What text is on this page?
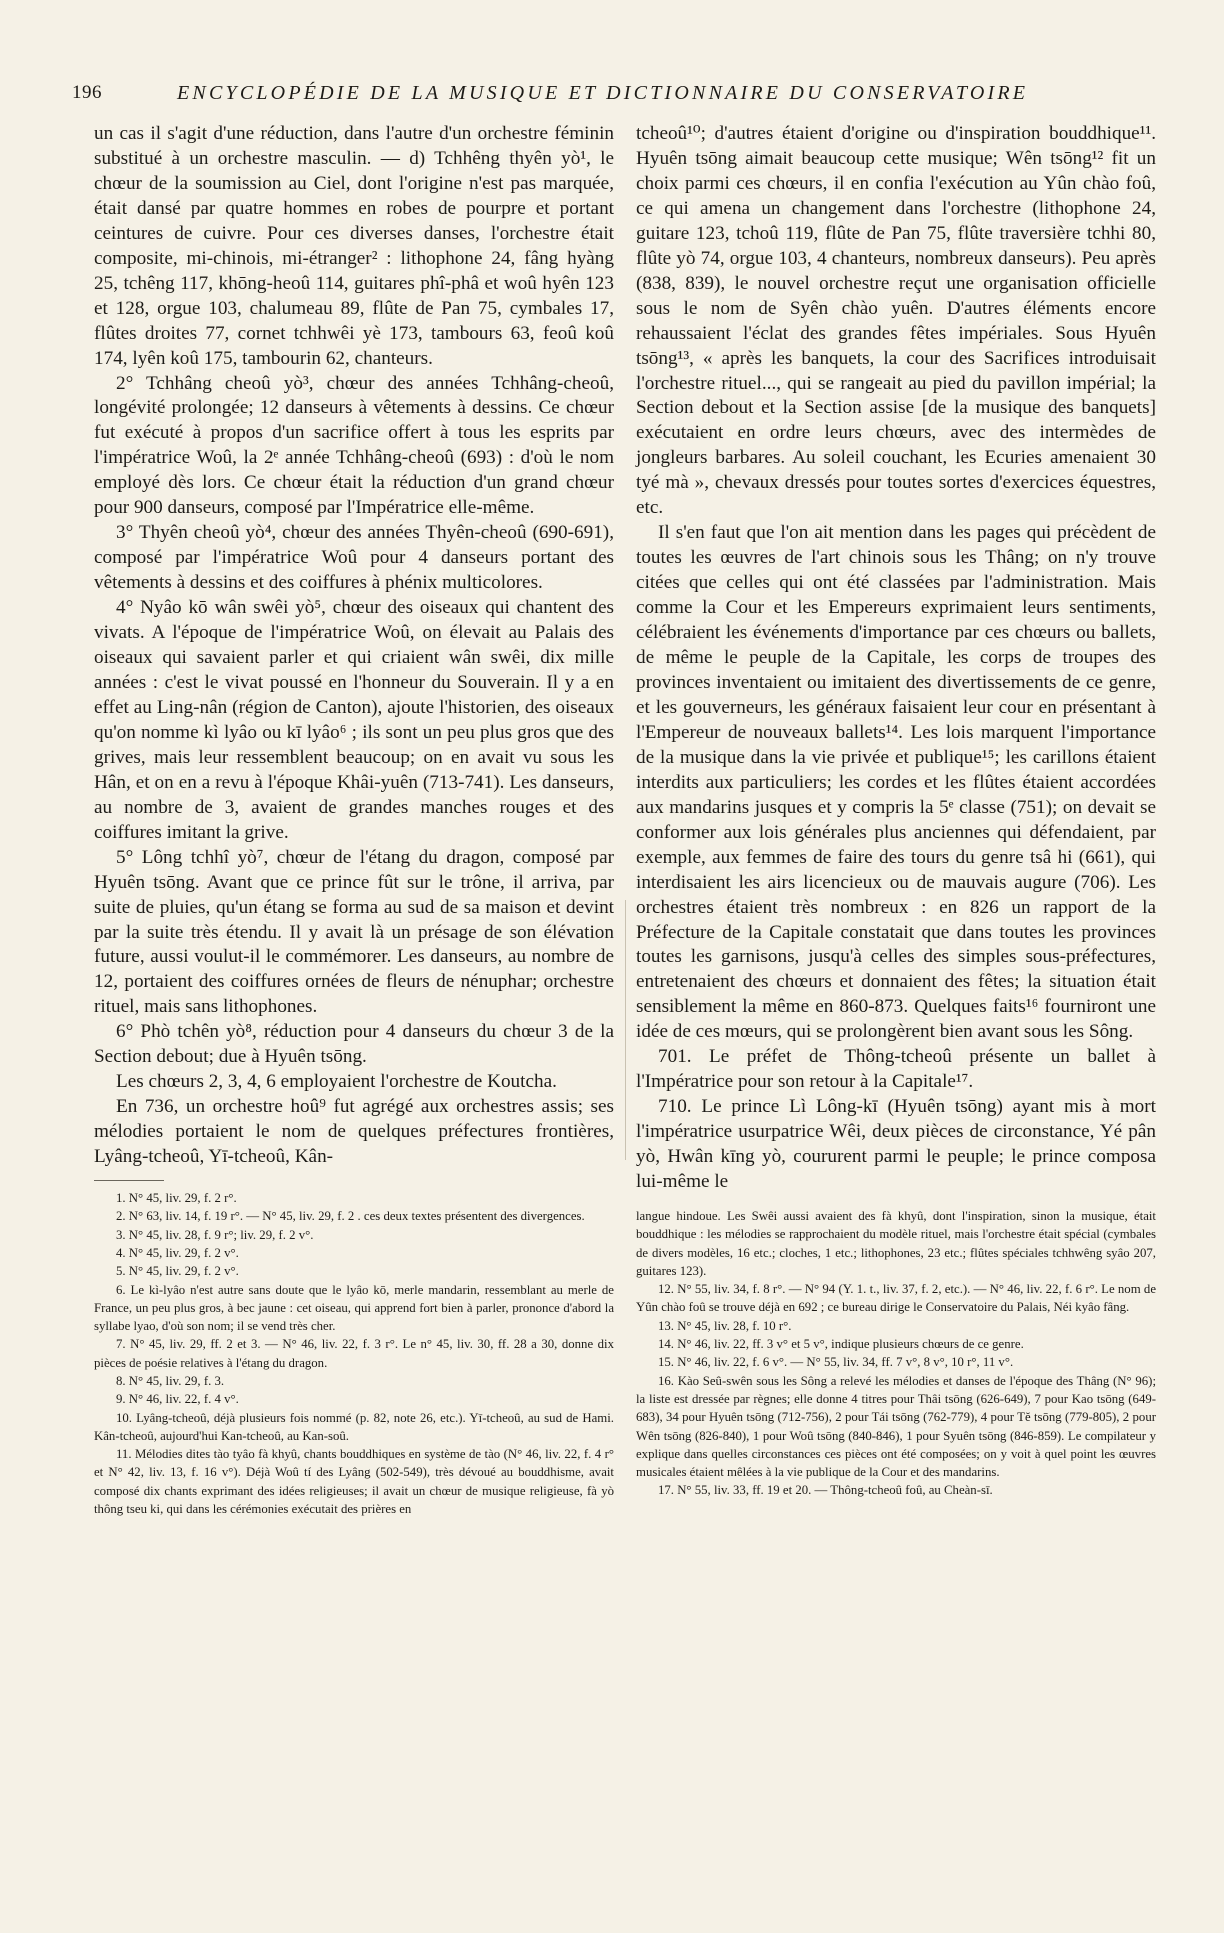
196	ENCYCLOPÉDIE DE LA MUSIQUE ET DICTIONNAIRE DU CONSERVATOIRE

un cas il s'agit d'une réduction, dans l'autre d'un orchestre féminin substitué à un orchestre masculin. — d) Tchhêng thyên yò¹, le chœur de la soumission au Ciel, dont l'origine n'est pas marquée, était dansé par quatre hommes en robes de pourpre et portant ceintures de cuivre. Pour ces diverses danses, l'orchestre était composite, mi-chinois, mi-étranger² : lithophone 24, fâng hyàng 25, tchêng 117, khōng-heoû 114, guitares phî-phâ et woû hyên 123 et 128, orgue 103, chalumeau 89, flûte de Pan 75, cymbales 17, flûtes droites 77, cornet tchhwêi yè 173, tambours 63, feoû koû 174, lyên koû 175, tambourin 62, chanteurs.

2° Tchhâng cheoû yò³, chœur des années Tchhâng-cheoû, longévité prolongée; 12 danseurs à vêtements à dessins. Ce chœur fut exécuté à propos d'un sacrifice offert à tous les esprits par l'impératrice Woû, la 2ᵉ année Tchhâng-cheoû (693) : d'où le nom employé dès lors. Ce chœur était la réduction d'un grand chœur pour 900 danseurs, composé par l'Impératrice elle-même.

3° Thyên cheoû yò⁴, chœur des années Thyên-cheoû (690-691), composé par l'impératrice Woû pour 4 danseurs portant des vêtements à dessins et des coiffures à phénix multicolores.

4° Nyâo kō wân swêi yò⁵, chœur des oiseaux qui chantent des vivats. A l'époque de l'impératrice Woû, on élevait au Palais des oiseaux qui savaient parler et qui criaient wân swêi, dix mille années : c'est le vivat poussé en l'honneur du Souverain. Il y a en effet au Ling-nân (région de Canton), ajoute l'historien, des oiseaux qu'on nomme kì lyâo ou kī lyâo⁶ ; ils sont un peu plus gros que des grives, mais leur ressemblent beaucoup; on en avait vu sous les Hân, et on en a revu à l'époque Khâi-yuên (713-741). Les danseurs, au nombre de 3, avaient de grandes manches rouges et des coiffures imitant la grive.

5° Lông tchhî yò⁷, chœur de l'étang du dragon, composé par Hyuên tsōng. Avant que ce prince fût sur le trône, il arriva, par suite de pluies, qu'un étang se forma au sud de sa maison et devint par la suite très étendu. Il y avait là un présage de son élévation future, aussi voulut-il le commémorer. Les danseurs, au nombre de 12, portaient des coiffures ornées de fleurs de nénuphar; orchestre rituel, mais sans lithophones.

6° Phò tchên yò⁸, réduction pour 4 danseurs du chœur 3 de la Section debout; due à Hyuên tsōng.

Les chœurs 2, 3, 4, 6 employaient l'orchestre de Koutcha.

En 736, un orchestre hoû⁹ fut agrégé aux orchestres assis; ses mélodies portaient le nom de quelques préfectures frontières, Lyâng-tcheoû, Yī-tcheoû, Kân-

1. N° 45, liv. 29, f. 2 r°.

2. N° 63, liv. 14, f. 19 r°. — N° 45, liv. 29, f. 2 . ces deux textes présentent des divergences.

3. N° 45, liv. 28, f. 9 r°; liv. 29, f. 2 v°.

4. N° 45, liv. 29, f. 2 v°.

5. N° 45, liv. 29, f. 2 v°.

6. Le kì-lyâo n'est autre sans doute que le lyâo kō, merle mandarin, ressemblant au merle de France, un peu plus gros, à bec jaune : cet oiseau, qui apprend fort bien à parler, prononce d'abord la syllabe lyao, d'où son nom; il se vend très cher.

7. N° 45, liv. 29, ff. 2 et 3. — N° 46, liv. 22, f. 3 r°. Le n° 45, liv. 30, ff. 28 a 30, donne dix pièces de poésie relatives à l'étang du dragon.

8. N° 45, liv. 29, f. 3.

9. N° 46, liv. 22, f. 4 v°.

10. Lyâng-tcheoû, déjà plusieurs fois nommé (p. 82, note 26, etc.). Yī-tcheoû, au sud de Hami. Kân-tcheoû, aujourd'hui Kan-tcheoû, au Kan-soû.

11. Mélodies dites tào tyâo fà khyû, chants bouddhiques en système de tào (N° 46, liv. 22, f. 4 r° et N° 42, liv. 13, f. 16 v°). Déjà Woû tí des Lyâng (502-549), très dévoué au bouddhisme, avait composé dix chants exprimant des idées religieuses; il avait un chœur de musique religieuse, fà yò thông tseu ki, qui dans les cérémonies exécutait des prières en

tcheoû¹⁰; d'autres étaient d'origine ou d'inspiration bouddhique¹¹. Hyuên tsōng aimait beaucoup cette musique; Wên tsōng¹² fit un choix parmi ces chœurs, il en confia l'exécution au Yûn chào foû, ce qui amena un changement dans l'orchestre (lithophone 24, guitare 123, tchoû 119, flûte de Pan 75, flûte traversière tchhi 80, flûte yò 74, orgue 103, 4 chanteurs, nombreux danseurs). Peu après (838, 839), le nouvel orchestre reçut une organisation officielle sous le nom de Syên chào yuên. D'autres éléments encore rehaussaient l'éclat des grandes fêtes impériales. Sous Hyuên tsōng¹³, « après les banquets, la cour des Sacrifices introduisait l'orchestre rituel..., qui se rangeait au pied du pavillon impérial; la Section debout et la Section assise [de la musique des banquets] exécutaient en ordre leurs chœurs, avec des intermèdes de jongleurs barbares. Au soleil couchant, les Ecuries amenaient 30 tyé mà », chevaux dressés pour toutes sortes d'exercices équestres, etc.

Il s'en faut que l'on ait mention dans les pages qui précèdent de toutes les œuvres de l'art chinois sous les Thâng; on n'y trouve citées que celles qui ont été classées par l'administration. Mais comme la Cour et les Empereurs exprimaient leurs sentiments, célébraient les événements d'importance par ces chœurs ou ballets, de même le peuple de la Capitale, les corps de troupes des provinces inventaient ou imitaient des divertissements de ce genre, et les gouverneurs, les généraux faisaient leur cour en présentant à l'Empereur de nouveaux ballets¹⁴. Les lois marquent l'importance de la musique dans la vie privée et publique¹⁵; les carillons étaient interdits aux particuliers; les cordes et les flûtes étaient accordées aux mandarins jusques et y compris la 5ᵉ classe (751); on devait se conformer aux lois générales plus anciennes qui défendaient, par exemple, aux femmes de faire des tours du genre tsâ hi (661), qui interdisaient les airs licencieux ou de mauvais augure (706). Les orchestres étaient très nombreux : en 826 un rapport de la Préfecture de la Capitale constatait que dans toutes les provinces toutes les garnisons, jusqu'à celles des simples sous-préfectures, entretenaient des chœurs et donnaient des fêtes; la situation était sensiblement la même en 860-873. Quelques faits¹⁶ fourniront une idée de ces mœurs, qui se prolongèrent bien avant sous les Sông.

701. Le préfet de Thông-tcheoû présente un ballet à l'Impératrice pour son retour à la Capitale¹⁷.

710. Le prince Lì Lông-kī (Hyuên tsōng) ayant mis à mort l'impératrice usurpatrice Wêi, deux pièces de circonstance, Yé pân yò, Hwân kīng yò, coururent parmi le peuple; le prince composa lui-même le

langue hindoue. Les Swêi aussi avaient des fà khyû, dont l'inspiration, sinon la musique, était bouddhique : les mélodies se rapprochaient du modèle rituel, mais l'orchestre était spécial (cymbales de divers modèles, 16 etc.; cloches, 1 etc.; lithophones, 23 etc.; flûtes spéciales tchhwêng syâo 207, guitares 123).

12. N° 55, liv. 34, f. 8 r°. — N° 94 (Y. 1. t., liv. 37, f. 2, etc.). — N° 46, liv. 22, f. 6 r°. Le nom de Yûn chào foû se trouve déjà en 692 ; ce bureau dirige le Conservatoire du Palais, Néi kyâo fâng.

13. N° 45, liv. 28, f. 10 r°.

14. N° 46, liv. 22, ff. 3 v° et 5 v°, indique plusieurs chœurs de ce genre.

15. N° 46, liv. 22, f. 6 v°. — N° 55, liv. 34, ff. 7 v°, 8 v°, 10 r°, 11 v°.

16. Kào Seû-swên sous les Sông a relevé les mélodies et danses de l'époque des Thâng (N° 96); la liste est dressée par règnes; elle donne 4 titres pour Thâi tsōng (626-649), 7 pour Kao tsōng (649-683), 34 pour Hyuên tsōng (712-756), 2 pour Tái tsōng (762-779), 4 pour Tĕ tsōng (779-805), 2 pour Wên tsōng (826-840), 1 pour Woû tsōng (840-846), 1 pour Syuên tsōng (846-859). Le compilateur y explique dans quelles circonstances ces pièces ont été composées; on y voit à quel point les œuvres musicales étaient mêlées à la vie publique de la Cour et des mandarins.

17. N° 55, liv. 33, ff. 19 et 20. — Thông-tcheoû foû, au Cheàn-sī.
